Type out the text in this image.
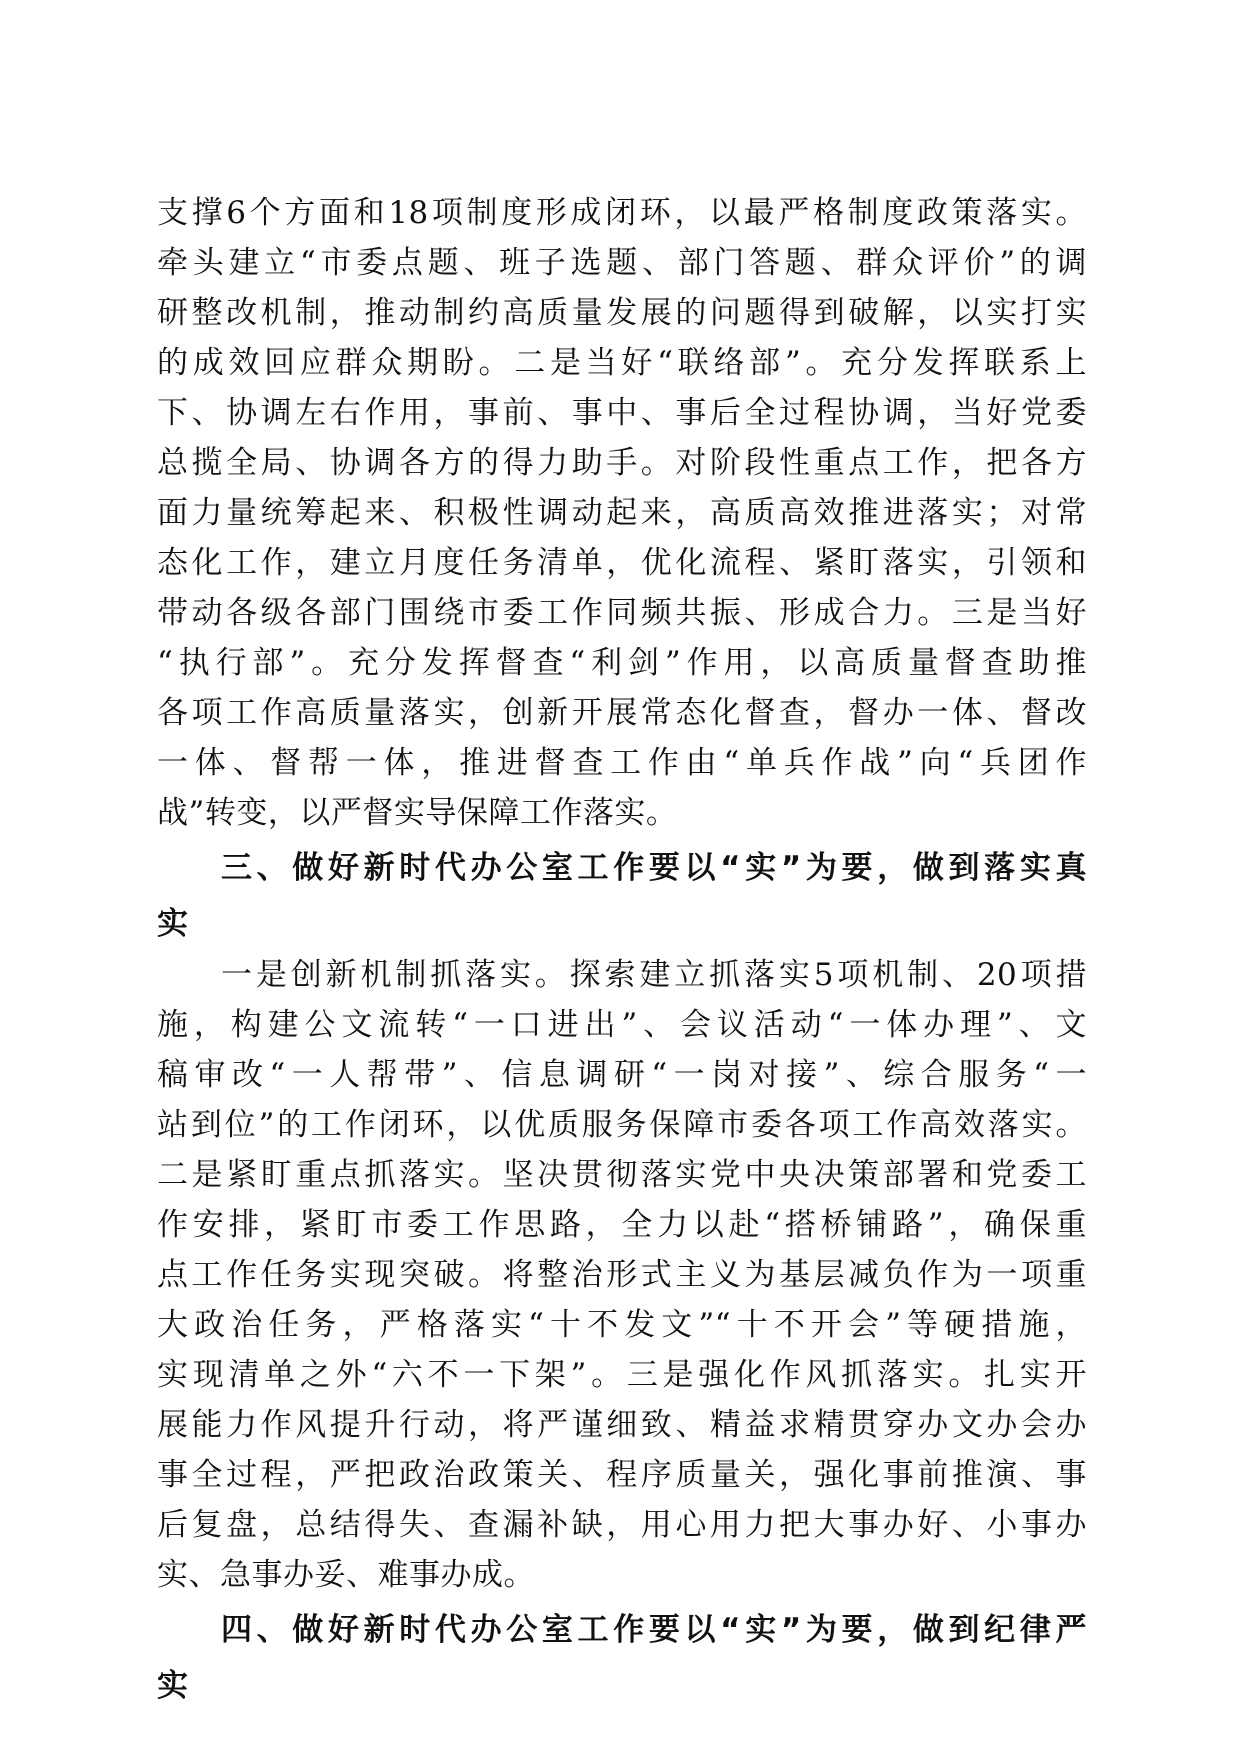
支撑6个方面和18项制度形成闭环，以最严格制度政策落实。
牵头建立“市委点题、班子选题、部门答题、群众评价”的调
研整改机制，推动制约高质量发展的问题得到破解，以实打实
的成效回应群众期盼。二是当好“联络部”。充分发挥联系上
下、协调左右作用，事前、事中、事后全过程协调，当好党委
总揽全局、协调各方的得力助手。对阶段性重点工作，把各方
面力量统筹起来、积极性调动起来，高质高效推进落实；对常
态化工作，建立月度任务清单，优化流程、紧盯落实，引领和
带动各级各部门围绕市委工作同频共振、形成合力。三是当好
“执行部”。充分发挥督查“利剑”作用，以高质量督查助推
各项工作高质量落实，创新开展常态化督查，督办一体、督改
一体、督帮一体，推进督查工作由“单兵作战”向“兵团作
战”转变，以严督实导保障工作落实。
三、做好新时代办公室工作要以“实”为要，做到落实真
实
一是创新机制抓落实。探索建立抓落实5项机制、20项措
施，构建公文流转“一口进出”、会议活动“一体办理”、文
稿审改“一人帮带”、信息调研“一岗对接”、综合服务“一
站到位”的工作闭环，以优质服务保障市委各项工作高效落实。
二是紧盯重点抓落实。坚决贯彻落实党中央决策部署和党委工
作安排，紧盯市委工作思路，全力以赴“搭桥铺路”，确保重
点工作任务实现突破。将整治形式主义为基层减负作为一项重
大政治任务，严格落实“十不发文”“十不开会”等硬措施，
实现清单之外“六不一下架”。三是强化作风抓落实。扎实开
展能力作风提升行动，将严谨细致、精益求精贯穿办文办会办
事全过程，严把政治政策关、程序质量关，强化事前推演、事
后复盘，总结得失、查漏补缺，用心用力把大事办好、小事办
实、急事办妥、难事办成。
四、做好新时代办公室工作要以“实”为要，做到纪律严
实
